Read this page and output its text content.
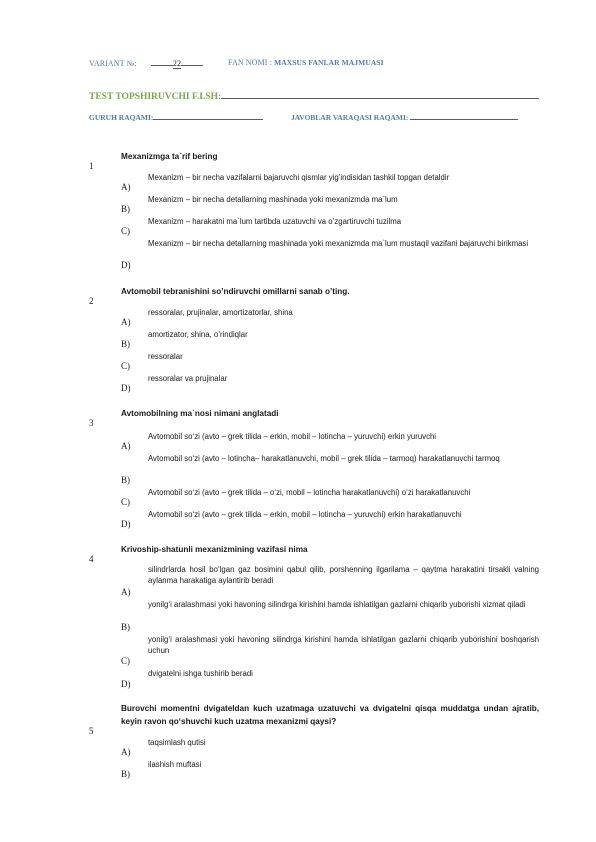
VARIANT №:	22	FAN NOMI : MAXSUS FANLAR MAJMUASI
TEST TOPSHIRUVCHI F.I.SH:
GURUH RAQAMI:	JAVOBLAR VARAQASI RAQAMI:
Mexanizmga ta`rif bering
1
Mexanizm – bir necha vazifalarni bajaruvchi qismlar yig’indisidan tashkil topgan detaldir
A)
Mexanizm – bir necha detallarning mashinada yoki mexanizmda ma`lum
B)
Mexanizm – harakatni ma`lum tartibda uzatuvchi va o’zgartiruvchi tuzilma
C)
Mexanizm – bir necha detallarning mashinada yoki mexanizmda ma`lum mustaqil vazifani bajaruvchi birikmasi
D)
Avtomobil tebranishini so’ndiruvchi omillarni sanab o’ting.
2
ressoralar, prujinalar, amortizatorlar, shina
A)
amortizator, shina, o’rindiqlar
B)
ressoralar
C)
ressoralar va prujinalar
D)
Avtomobilning ma`nosi nimani anglatadi
3
Avtomobil so‘zi (avto – grek tilida – erkin, mobil – lotincha – yuruvchi) erkin yuruvchi
A)
Avtomobil so‘zi (avto – lotincha– harakatlanuvchi, mobil – grek tilida – tarmoq) harakatlanuvchi tarmoq
B)
Avtomobil so‘zi (avto – grek tilida – o‘zi, mobil – lotincha harakatlanuvchi) o‘zi harakatlanuvchi
C)
Avtomobil so‘zi (avto – grek tilida – erkin, mobil – lotincha – yuruvchi) erkin harakatlanuvchi
D)
Krivoship-shatunli mexanizmining vazifasi nima
4
silindrlarda hosil bo‘lgan gaz bosimini qabul qilib, porshenning ilgarilama – qaytma harakatini tirsakli valning aylanma harakatiga aylantirib beradi
A)
yonilg‘i aralashmasi yoki havoning silindrga kirishini hamda ishlatilgan gazlarni chiqarib yuborishi xizmat qiladi
B)
yonilg‘i aralashmasi yoki havoning silindrga kirishini hamda ishlatilgan gazlarni chiqarib yuborishini boshqarish uchun
C)
dvigatelni ishga tushirib beradi
D)
Burovchi momentni dvigateldan kuch uzatmaga uzatuvchi va dvigatelni qisqa muddatga undan ajratib, keyin ravon qo‘shuvchi kuch uzatma mexanizmi qaysi?
5
taqsimlash qutisi
A)
ilashish muftasi
B)
